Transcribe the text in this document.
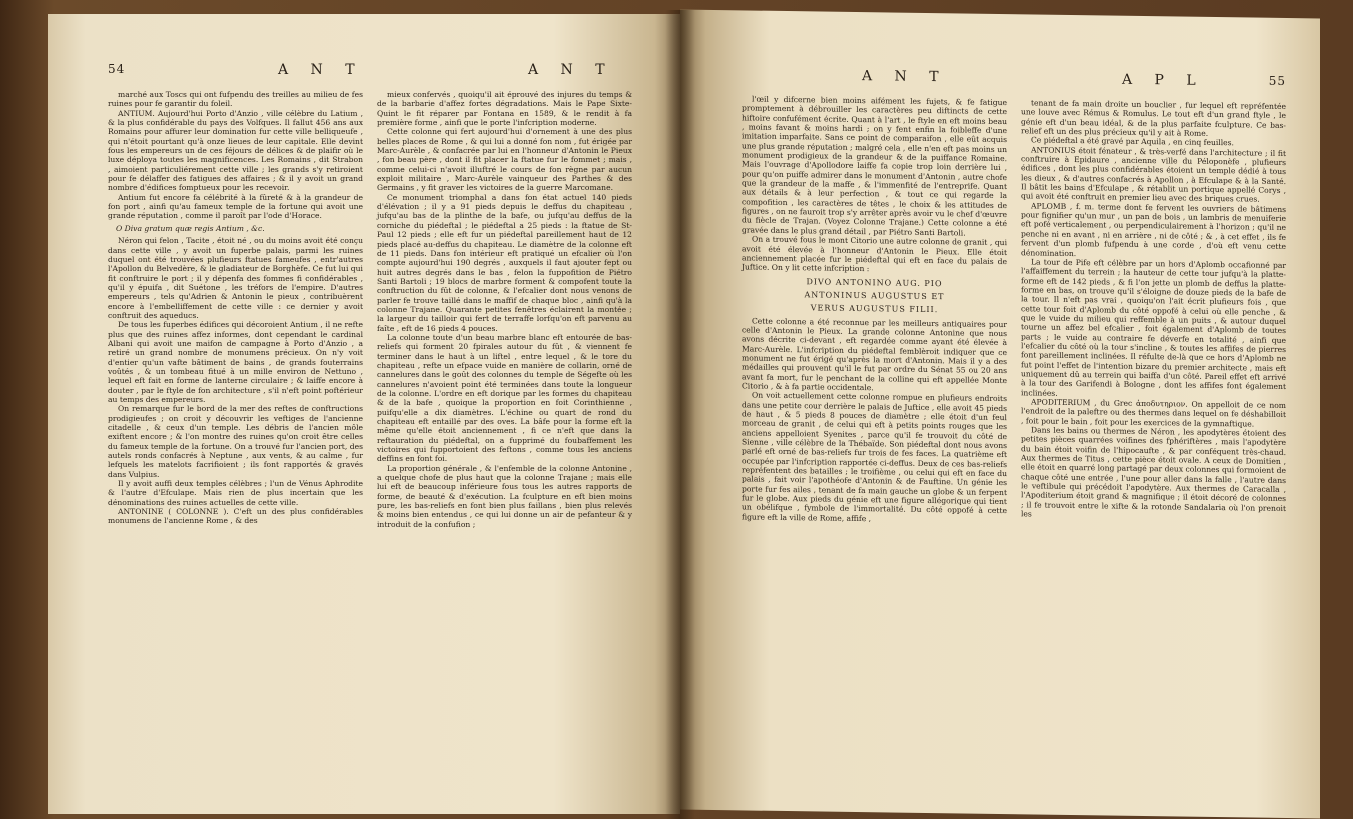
54	A N T	A N T

marché aux Toscs qui ont fufpendu des treilles au milieu de fes ruines pour fe garantir du foleil.

ANTIUM. Aujourd'hui Porto d'Anzio , ville célèbre du Latium , & la plus confidérable du pays des Volfques. Il fallut 456 ans aux Romains pour affurer leur domination fur cette ville belliqueufe , qui n'étoit pourtant qu'à onze lieues de leur capitale. Elle devint fous les empereurs un de ces féjours de délices & de plaifir où le luxe déploya toutes les magnificences. Les Romains , dit Strabon , aimoient particuliérement cette ville ; les grands s'y retiroient pour fe délaffer des fatigues des affaires ; & il y avoit un grand nombre d'édifices fomptueux pour les recevoir.

Antium fut encore fa célébrité à la fûreté & à la grandeur de fon port , ainfi qu'au fameux temple de la fortune qui avoit une grande réputation , comme il paroît par l'ode d'Horace.

O Diva gratum quæ regis Antium , &c.

Néron qui felon , Tacite , étoit né , ou du moins avoit été conçu dans cette ville , y avoit un fuperbe palais, parmi les ruines duquel ont été trouvées plufieurs ftatues fameufes , entr'autres l'Apollon du Belvedère, & le gladiateur de Borghèfe. Ce fut lui qui fit conftruire le port ; il y dépenfa des fommes fi confidérables , qu'il y épuifa , dit Suétone , les tréfors de l'empire. D'autres empereurs , tels qu'Adrien & Antonin le pieux , contribuèrent encore à l'embelliffement de cette ville : ce dernier y avoit conftruit des aqueducs.

De tous les fuperbes édifices qui décoroient Antium , il ne refte plus que des ruines affez informes, dont cependant le cardinal Albani qui avoit une maifon de campagne à Porto d'Anzio , a retiré un grand nombre de monumens précieux. On n'y voit d'entier qu'un vafte bâtiment de bains , de grands fouterrains voûtés , & un tombeau fitué à un mille environ de Nettuno , lequel eft fait en forme de lanterne circulaire ; & laiffe encore à douter , par le ftyle de fon architecture , s'il n'eft point poftérieur au temps des empereurs.

On remarque fur le bord de la mer des reftes de conftructions prodigieufes ; on croit y découvrir les veftiges de l'ancienne citadelle , & ceux d'un temple. Les débris de l'ancien môle exiftent encore ; & l'on montre des ruines qu'on croit être celles du fameux temple de la fortune. On a trouvé fur l'ancien port, des autels ronds confacrés à Neptune , aux vents, & au calme , fur lefquels les matelots facrifioient ; ils font rapportés & gravés dans Vulpius.

Il y avoit auffi deux temples célèbres ; l'un de Vénus Aphrodite & l'autre d'Efculape. Mais rien de plus incertain que les dénominations des ruines actuelles de cette ville.

ANTONINE ( COLONNE ). C'eft un des plus confidérables monumens de l'ancienne Rome , & des

mieux confervés , quoiqu'il ait éprouvé des injures du temps & de la barbarie d'affez fortes dégradations. Mais le Pape Sixte-Quint le fit réparer par Fontana en 1589, & le rendit à fa première forme , ainfi que le porte l'infcription moderne.

Cette colonne qui fert aujourd'hui d'ornement à une des plus belles places de Rome , & qui lui a donné fon nom , fut érigée par Marc-Aurèle , & confacrée par lui en l'honneur d'Antonin le Pieux , fon beau père , dont il fit placer la ftatue fur le fommet ; mais , comme celui-ci n'avoit illuftré le cours de fon règne par aucun exploit militaire , Marc-Aurèle vainqueur des Parthes & des Germains , y fit graver les victoires de la guerre Marcomane.

Ce monument triomphal a dans fon état actuel 140 pieds d'élévation ; il y a 91 pieds depuis le deffus du chapiteau , jufqu'au bas de la plinthe de la bafe, ou jufqu'au deffus de la corniche du piédeftal ; le piédeftal a 25 pieds : la ftatue de St-Paul 12 pieds ; elle eft fur un piédeftal pareillement haut de 12 pieds placé au-deffus du chapiteau. Le diamètre de la colonne eft de 11 pieds. Dans fon intérieur eft pratiqué un efcalier où l'on compte aujourd'hui 190 degrés , auxquels il faut ajouter fept ou huit autres degrés dans le bas , felon la fuppofition de Piétro Santi Bartoli ; 19 blocs de marbre forment & compofent toute la conftruction du fût de colonne, & l'efcalier dont nous venons de parler fe trouve taillé dans le maffif de chaque bloc , ainfi qu'à la colonne Trajane. Quarante petites fenêtres éclairent la montée ; la largeur du tailloir qui fert de terraffe lorfqu'on eft parvenu au faîte , eft de 16 pieds 4 pouces.

La colonne toute d'un beau marbre blanc eft entourée de bas-reliefs qui forment 20 fpirales autour du fût , & viennent fe terminer dans le haut à un liftel , entre lequel , & le tore du chapiteau , refte un efpace vuide en manière de collarin, orné de cannelures dans le goût des colonnes du temple de Ségefte où les cannelures n'avoient point été terminées dans toute la longueur de la colonne. L'ordre en eft dorique par les formes du chapiteau & de la bafe , quoique la proportion en foit Corinthienne , puifqu'elle a dix diamètres. L'échine ou quart de rond du chapiteau eft entaillé par des oves. La bâfe pour la forme eft la même qu'elle étoit anciennement , fi ce n'eft que dans la reftauration du piédeftal, on a fupprimé du foubaffement les victoires qui fupportoient des feftons , comme tous les anciens deffins en font foi.

La proportion générale , & l'enfemble de la colonne Antonine , a quelque chofe de plus haut que la colonne Trajane ; mais elle lui eft de beaucoup inférieure fous tous les autres rapports de forme, de beauté & d'exécution. La fculpture en eft bien moins pure, les bas-reliefs en font bien plus faillans , bien plus relevés & moins bien entendus , ce qui lui donne un air de pefanteur & y introduit de la confufion ;

A N T	A P L	55

l'œil y difcerne bien moins aifément les fujets, & fe fatigue promptement à débrouiller les caractères peu diftincts de cette hiftoire confufément écrite. Quant à l'art , le ftyle en eft moins beau , moins favant & moins hardi ; on y fent enfin la foibleffe d'une imitation imparfaite. Sans ce point de comparaifon , elle eût acquis une plus grande réputation ; malgré cela , elle n'en eft pas moins un monument prodigieux de la grandeur & de la puiffance Romaine. Mais l'ouvrage d'Apollodore laiffe fa copie trop loin derrière lui , pour qu'on puiffe admirer dans le monument d'Antonin , autre chofe que la grandeur de la maffe , & l'immenfité de l'entreprife. Quant aux détails & à leur perfection , & tout ce qui regarde la compofition , les caractères de têtes , le choix & les attitudes de figures , on ne fauroit trop s'y arrêter après avoir vu le chef d'œuvre du fiècle de Trajan. (Voyez Colonne Trajane.) Cette colonne a été gravée dans le plus grand détail , par Piétro Santi Bartoli.

On a trouvé fous le mont Citorio une autre colonne de granit , qui avoit été élevée à l'honneur d'Antonin le Pieux. Elle étoit anciennement placée fur le piédeftal qui eft en face du palais de Juftice. On y lit cette infcription :

DIVO ANTONINO AUG. PIO

ANTONINUS AUGUSTUS ET

VERUS AUGUSTUS FILII.

Cette colonne a été reconnue par les meilleurs antiquaires pour celle d'Antonin le Pieux. La grande colonne Antonine que nous avons décrite ci-devant , eft regardée comme ayant été élevée à Marc-Aurèle. L'infcription du piédeftal femblèroit indiquer que ce monument ne fut érigé qu'après la mort d'Antonin. Mais il y a des médailles qui prouvent qu'il le fut par ordre du Sénat 55 ou 20 ans avant fa mort, fur le penchant de la colline qui eft appellée Monte Citorio , & à fa partie occidentale.

On voit actuellement cette colonne rompue en plufieurs endroits dans une petite cour derrière le palais de Juftice , elle avoit 45 pieds de haut , & 5 pieds 8 pouces de diamètre ; elle étoit d'un feul morceau de granit , de celui qui eft à petits points rouges que les anciens appelloient Syenites , parce qu'il fe trouvoit du côté de Sienne , ville célèbre de la Thébaïde. Son piédeftal dont nous avons parlé eft orné de bas-reliefs fur trois de fes faces. La quatrième eft occupée par l'infcription rapportée ci-deffus. Deux de ces bas-reliefs repréfentent des batailles ; le troifième , ou celui qui eft en face du palais , fait voir l'apothéofe d'Antonin & de Fauftine. Un génie les porte fur fes ailes , tenant de fa main gauche un globe & un ferpent fur le globe. Aux pieds du génie eft une figure allégorique qui tient un obélifque , fymbole de l'immortalité. Du côté oppofé à cette figure eft la ville de Rome, affife ,

tenant de fa main droite un bouclier , fur lequel eft repréfentée une louve avec Rémus & Romulus. Le tout eft d'un grand ftyle , le génie eft d'un beau idéal, & de la plus parfaite fculpture. Ce bas-relief eft un des plus précieux qu'il y ait à Rome.

Ce piédeftal a été gravé par Aquila , en cinq feuilles.

ANTONIUS étoit fénateur , & très-verfé dans l'architecture ; il fit conftruire à Epidaure , ancienne ville du Péloponèfe , plufieurs édifices , dont les plus confidérables étoient un temple dédié à tous les dieux , & d'autres confacrés à Apollon , à Efculape & à la Santé. Il bâtit les bains d'Efculape , & rétablit un portique appellé Corys , qui avoit été conftruit en premier lieu avec des briques crues.

APLOMB , f. m. terme dont fe fervent les ouvriers de bâtimens pour fignifier qu'un mur , un pan de bois , un lambris de menuiferie eft pofé verticalement , ou perpendiculairement à l'horizon ; qu'il ne penche ni en avant , ni en arrière , ni de côté ; & , à cet effet , ils fe fervent d'un plomb fufpendu à une corde , d'où eft venu cette dénomination.

La tour de Pife eft célèbre par un hors d'Aplomb occafionné par l'affaiffement du terrein ; la hauteur de cette tour jufqu'à la platte-forme eft de 142 pieds , & fi l'on jette un plomb de deffus la platte-forme en bas, on trouve qu'il s'éloigne de douze pieds de la bafe de la tour. Il n'eft pas vrai , quoiqu'on l'ait écrit plufieurs fois , que cette tour foit d'Aplomb du côté oppofé à celui où elle penche , & que le vuide du milieu qui reffemble à un puits , & autour duquel tourne un affez bel efcalier , foit également d'Aplomb de toutes parts ; le vuide au contraire fe déverfe en totalité , ainfi que l'efcalier du côté où la tour s'incline , & toutes les affifes de pierres font pareillement inclinées. Il réfulte de-là que ce hors d'Aplomb ne fut point l'effet de l'intention bizare du premier architecte , mais eft uniquement dû au terrein qui baiffa d'un côté. Pareil effet eft arrivé à la tour des Garifendi à Bologne , dont les affifes font également inclinées.

APODITERIUM , du Grec ἀποδυτηριον. On appelloit de ce nom l'endroit de la paleftre ou des thermes dans lequel on fe déshabilloit , foit pour le bain , foit pour les exercices de la gymnaftique.

Dans les bains ou thermes de Néron , les apodytères étoient des petites pièces quarrées voifines des fphériftères , mais l'apodytère du bain étoit voifin de l'hipocaufte , & par conféquent très-chaud. Aux thermes de Titus , cette pièce étoit ovale. A ceux de Domitien , elle étoit en quarré long partagé par deux colonnes qui formoient de chaque côté une entrée , l'une pour aller dans la falle , l'autre dans le veftibule qui précédoit l'apodytère. Aux thermes de Caracalla , l'Apoditerium étoit grand & magnifique ; il étoit décoré de colonnes ; il fe trouvoit entre le xifte & la rotonde Sandalaria où l'on prenoit les
